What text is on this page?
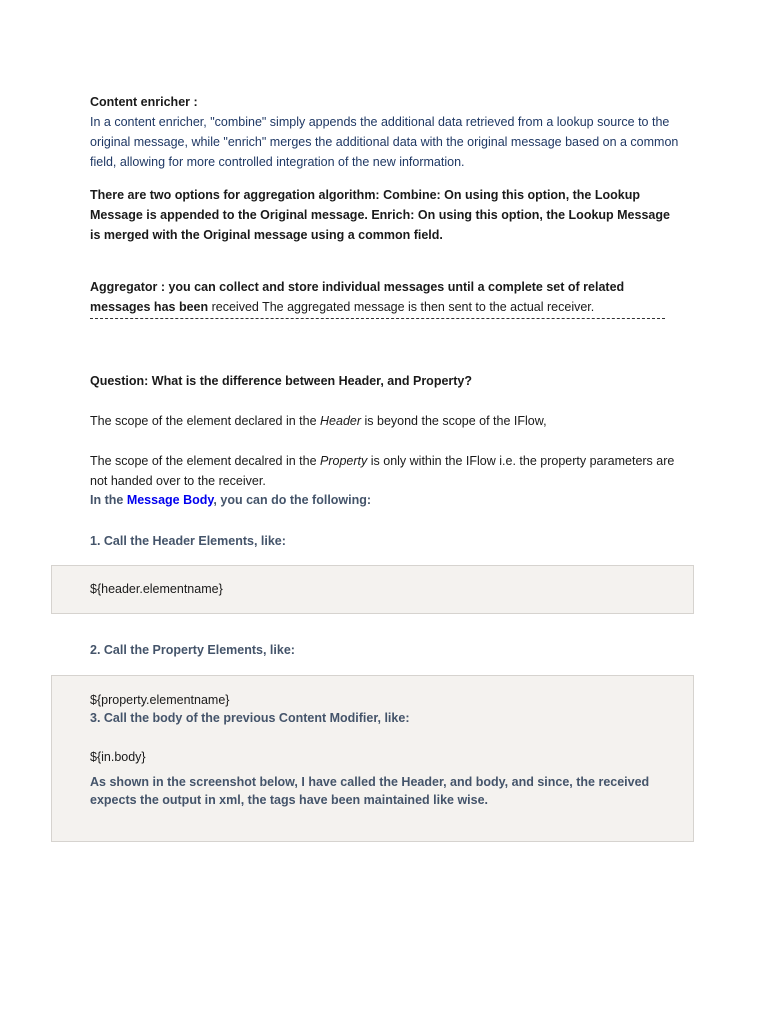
Content enricher :
In a content enricher, "combine" simply appends the additional data retrieved from a lookup source to the original message, while "enrich" merges the additional data with the original message based on a common field, allowing for more controlled integration of the new information.
There are two options for aggregation algorithm: Combine: On using this option, the Lookup Message is appended to the Original message. Enrich: On using this option, the Lookup Message is merged with the Original message using a common field.
Aggregator : you can collect and store individual messages until a complete set of related messages has been received The aggregated message is then sent to the actual receiver.
Question: What is the difference between Header, and Property?
The scope of the element declared in the Header is beyond the scope of the IFlow,
The scope of the element decalred in the Property is only within the IFlow i.e. the property parameters are not handed over to the receiver.
In the Message Body, you can do the following:
1. Call the Header Elements, like:
${header.elementname}
2. Call the Property Elements, like:
${property.elementname}
3. Call the body of the previous Content Modifier, like:
${in.body}
As shown in the screenshot below, I have called the Header, and body, and since, the received expects the output in xml, the tags have been maintained like wise.
